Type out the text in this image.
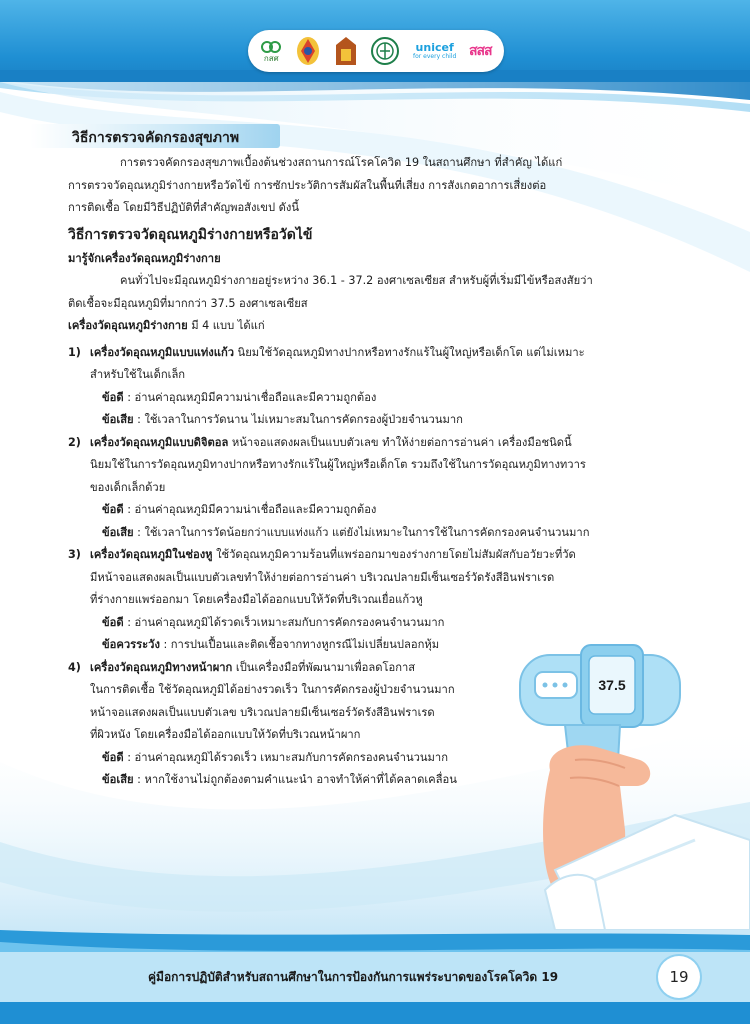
กสศ
unicef
for every child สสส
วิธีการตรวจคัดกรองสุขภาพ

การตรวจคัดกรองสุขภาพเบื้องต้นช่วงสถานการณ์โรคโควิด 19 ในสถานศึกษา ที่สำคัญ ได้แก่

การตรวจวัดอุณหภูมิร่างกายหรือวัดไข้ การซักประวัติการสัมผัสในพื้นที่เสี่ยง การสังเกตอาการเสี่ยงต่อ

การติดเชื้อ โดยมีวิธีปฏิบัติที่สำคัญพอสังเขป ดังนี้

วิธีการตรวจวัดอุณหภูมิร่างกายหรือวัดไข้

มารู้จักเครื่องวัดอุณหภูมิร่างกาย

คนทั่วไปจะมีอุณหภูมิร่างกายอยู่ระหว่าง 36.1 - 37.2 องศาเซลเซียส สำหรับผู้ที่เริ่มมีไข้หรือสงสัยว่า

ติดเชื้อจะมีอุณหภูมิที่มากกว่า 37.5 องศาเซลเซียส

เครื่องวัดอุณหภูมิร่างกาย มี 4 แบบ ได้แก่

1) เครื่องวัดอุณหภูมิแบบแท่งแก้ว นิยมใช้วัดอุณหภูมิทางปากหรือทางรักแร้ในผู้ใหญ่หรือเด็กโต แต่ไม่เหมาะ

สำหรับใช้ในเด็กเล็ก

ข้อดี : อ่านค่าอุณหภูมิมีความน่าเชื่อถือและมีความถูกต้อง

ข้อเสีย : ใช้เวลาในการวัดนาน ไม่เหมาะสมในการคัดกรองผู้ป่วยจำนวนมาก

2) เครื่องวัดอุณหภูมิแบบดิจิตอล หน้าจอแสดงผลเป็นแบบตัวเลข ทำให้ง่ายต่อการอ่านค่า เครื่องมือชนิดนี้

นิยมใช้ในการวัดอุณหภูมิทางปากหรือทางรักแร้ในผู้ใหญ่หรือเด็กโต รวมถึงใช้ในการวัดอุณหภูมิทางทวาร

ของเด็กเล็กด้วย

ข้อดี : อ่านค่าอุณหภูมิมีความน่าเชื่อถือและมีความถูกต้อง

ข้อเสีย : ใช้เวลาในการวัดน้อยกว่าแบบแท่งแก้ว แต่ยังไม่เหมาะในการใช้ในการคัดกรองคนจำนวนมาก

3) เครื่องวัดอุณหภูมิในช่องหู ใช้วัดอุณหภูมิความร้อนที่แพร่ออกมาของร่างกายโดยไม่สัมผัสกับอวัยวะที่วัด

มีหน้าจอแสดงผลเป็นแบบตัวเลขทำให้ง่ายต่อการอ่านค่า บริเวณปลายมีเซ็นเซอร์วัดรังสีอินฟราเรด

ที่ร่างกายแพร่ออกมา โดยเครื่องมือได้ออกแบบให้วัดที่บริเวณเยื่อแก้วหู

ข้อดี : อ่านค่าอุณหภูมิได้รวดเร็วเหมาะสมกับการคัดกรองคนจำนวนมาก

ข้อควรระวัง : การปนเปื้อนและติดเชื้อจากทางหูกรณีไม่เปลี่ยนปลอกหุ้ม

4) เครื่องวัดอุณหภูมิทางหน้าผาก เป็นเครื่องมือที่พัฒนามาเพื่อลดโอกาส

ในการติดเชื้อ ใช้วัดอุณหภูมิได้อย่างรวดเร็ว ในการคัดกรองผู้ป่วยจำนวนมาก

หน้าจอแสดงผลเป็นแบบตัวเลข บริเวณปลายมีเซ็นเซอร์วัดรังสีอินฟราเรด

ที่ผิวหนัง โดยเครื่องมือได้ออกแบบให้วัดที่บริเวณหน้าผาก

ข้อดี : อ่านค่าอุณหภูมิได้รวดเร็ว เหมาะสมกับการคัดกรองคนจำนวนมาก

ข้อเสีย : หากใช้งานไม่ถูกต้องตามคำแนะนำ อาจทำให้ค่าที่ได้คลาดเคลื่อน

37.5
คู่มือการปฏิบัติสำหรับสถานศึกษาในการป้องกันการแพร่ระบาดของโรคโควิด 19	19
